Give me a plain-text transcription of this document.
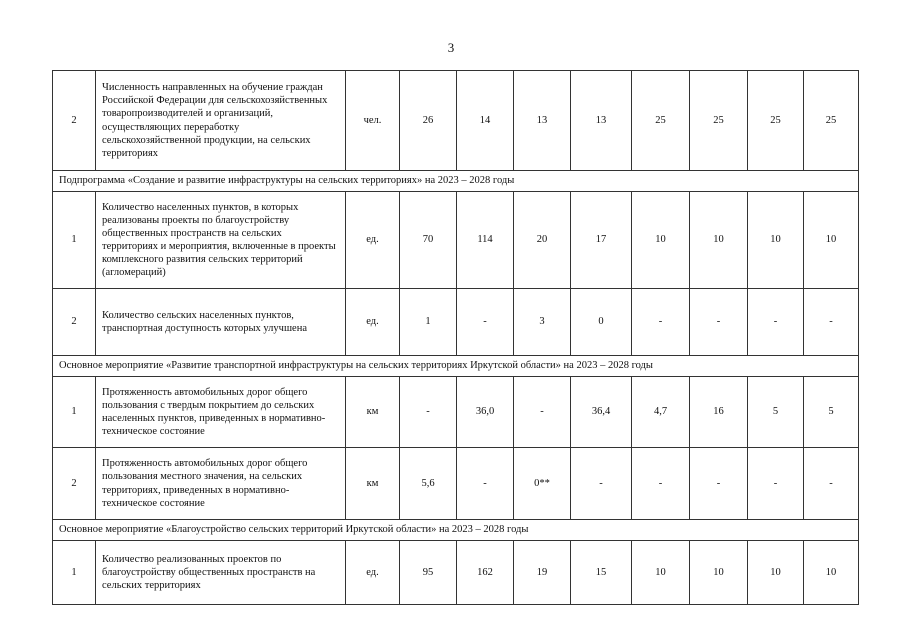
3
2	Численность направленных на обучение граждан Российской Федерации для сельскохозяйственных товаропроизводителей и организаций, осуществляющих переработку сельскохозяйственной продукции, на сельских территориях	чел.	26	14	13	13	25	25	25	25
Подпрограмма «Создание и развитие инфраструктуры на сельских территориях» на 2023 – 2028 годы										
1	Количество населенных пунктов, в которых реализованы проекты по благоустройству общественных пространств на сельских территориях и мероприятия, включенные в проекты комплексного развития сельских территорий (агломераций)	ед.	70	114	20	17	10	10	10	10
2	Количество сельских населенных пунктов, транспортная доступность которых улучшена	ед.	1	-	3	0	-	-	-	-
Основное мероприятие «Развитие транспортной инфраструктуры на сельских территориях Иркутской области» на 2023 – 2028 годы										
1	Протяженность автомобильных дорог общего пользования с твердым покрытием до сельских населенных пунктов, приведенных в нормативно-техническое состояние	км	-	36,0	-	36,4	4,7	16	5	5
2	Протяженность автомобильных дорог общего пользования местного значения, на сельских территориях, приведенных в нормативно-техническое состояние	км	5,6	-	0**	-	-	-	-	-
Основное мероприятие «Благоустройство сельских территорий Иркутской области» на 2023 – 2028 годы										
1	Количество реализованных проектов по благоустройству общественных пространств на сельских территориях	ед.	95	162	19	15	10	10	10	10
